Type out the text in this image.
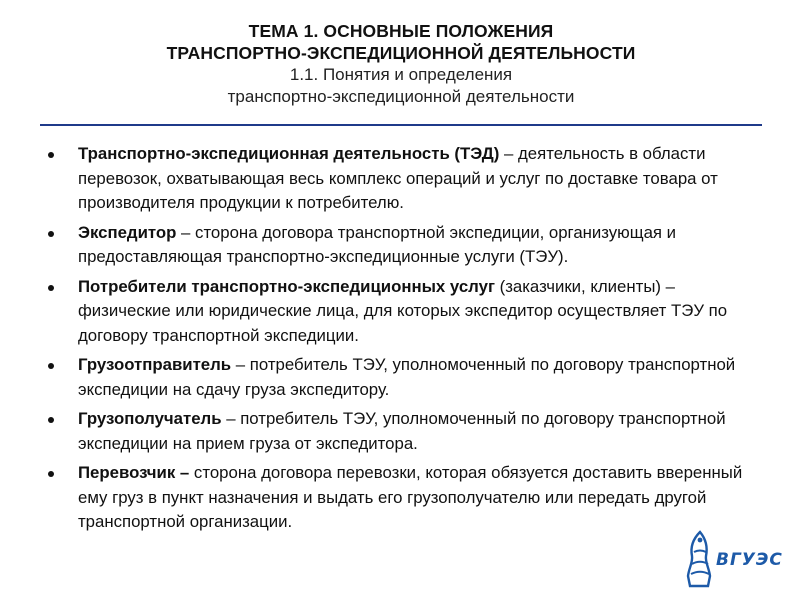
ТЕМА 1. ОСНОВНЫЕ ПОЛОЖЕНИЯ
ТРАНСПОРТНО-ЭКСПЕДИЦИОННОЙ ДЕЯТЕЛЬНОСТИ
1.1. Понятия и определения
транспортно-экспедиционной деятельности
Транспортно-экспедиционная деятельность (ТЭД) – деятельность в области перевозок, охватывающая весь комплекс операций и услуг по доставке товара от производителя продукции к потребителю.
Экспедитор – сторона договора транспортной экспедиции, организующая и предоставляющая транспортно-экспедиционные услуги (ТЭУ).
Потребители транспортно-экспедиционных услуг (заказчики, клиенты) – физические или юридические лица, для которых экспедитор осуществляет ТЭУ по договору транспортной экспедиции.
Грузоотправитель – потребитель ТЭУ, уполномоченный по договору транспортной экспедиции на сдачу груза экспедитору.
Грузополучатель – потребитель ТЭУ, уполномоченный по договору транспортной экспедиции на прием груза от экспедитора.
Перевозчик – сторона договора перевозки, которая обязуется доставить вверенный ему груз в пункт назначения и выдать его грузополучателю или передать другой транспортной организации.
ВГУЭС
